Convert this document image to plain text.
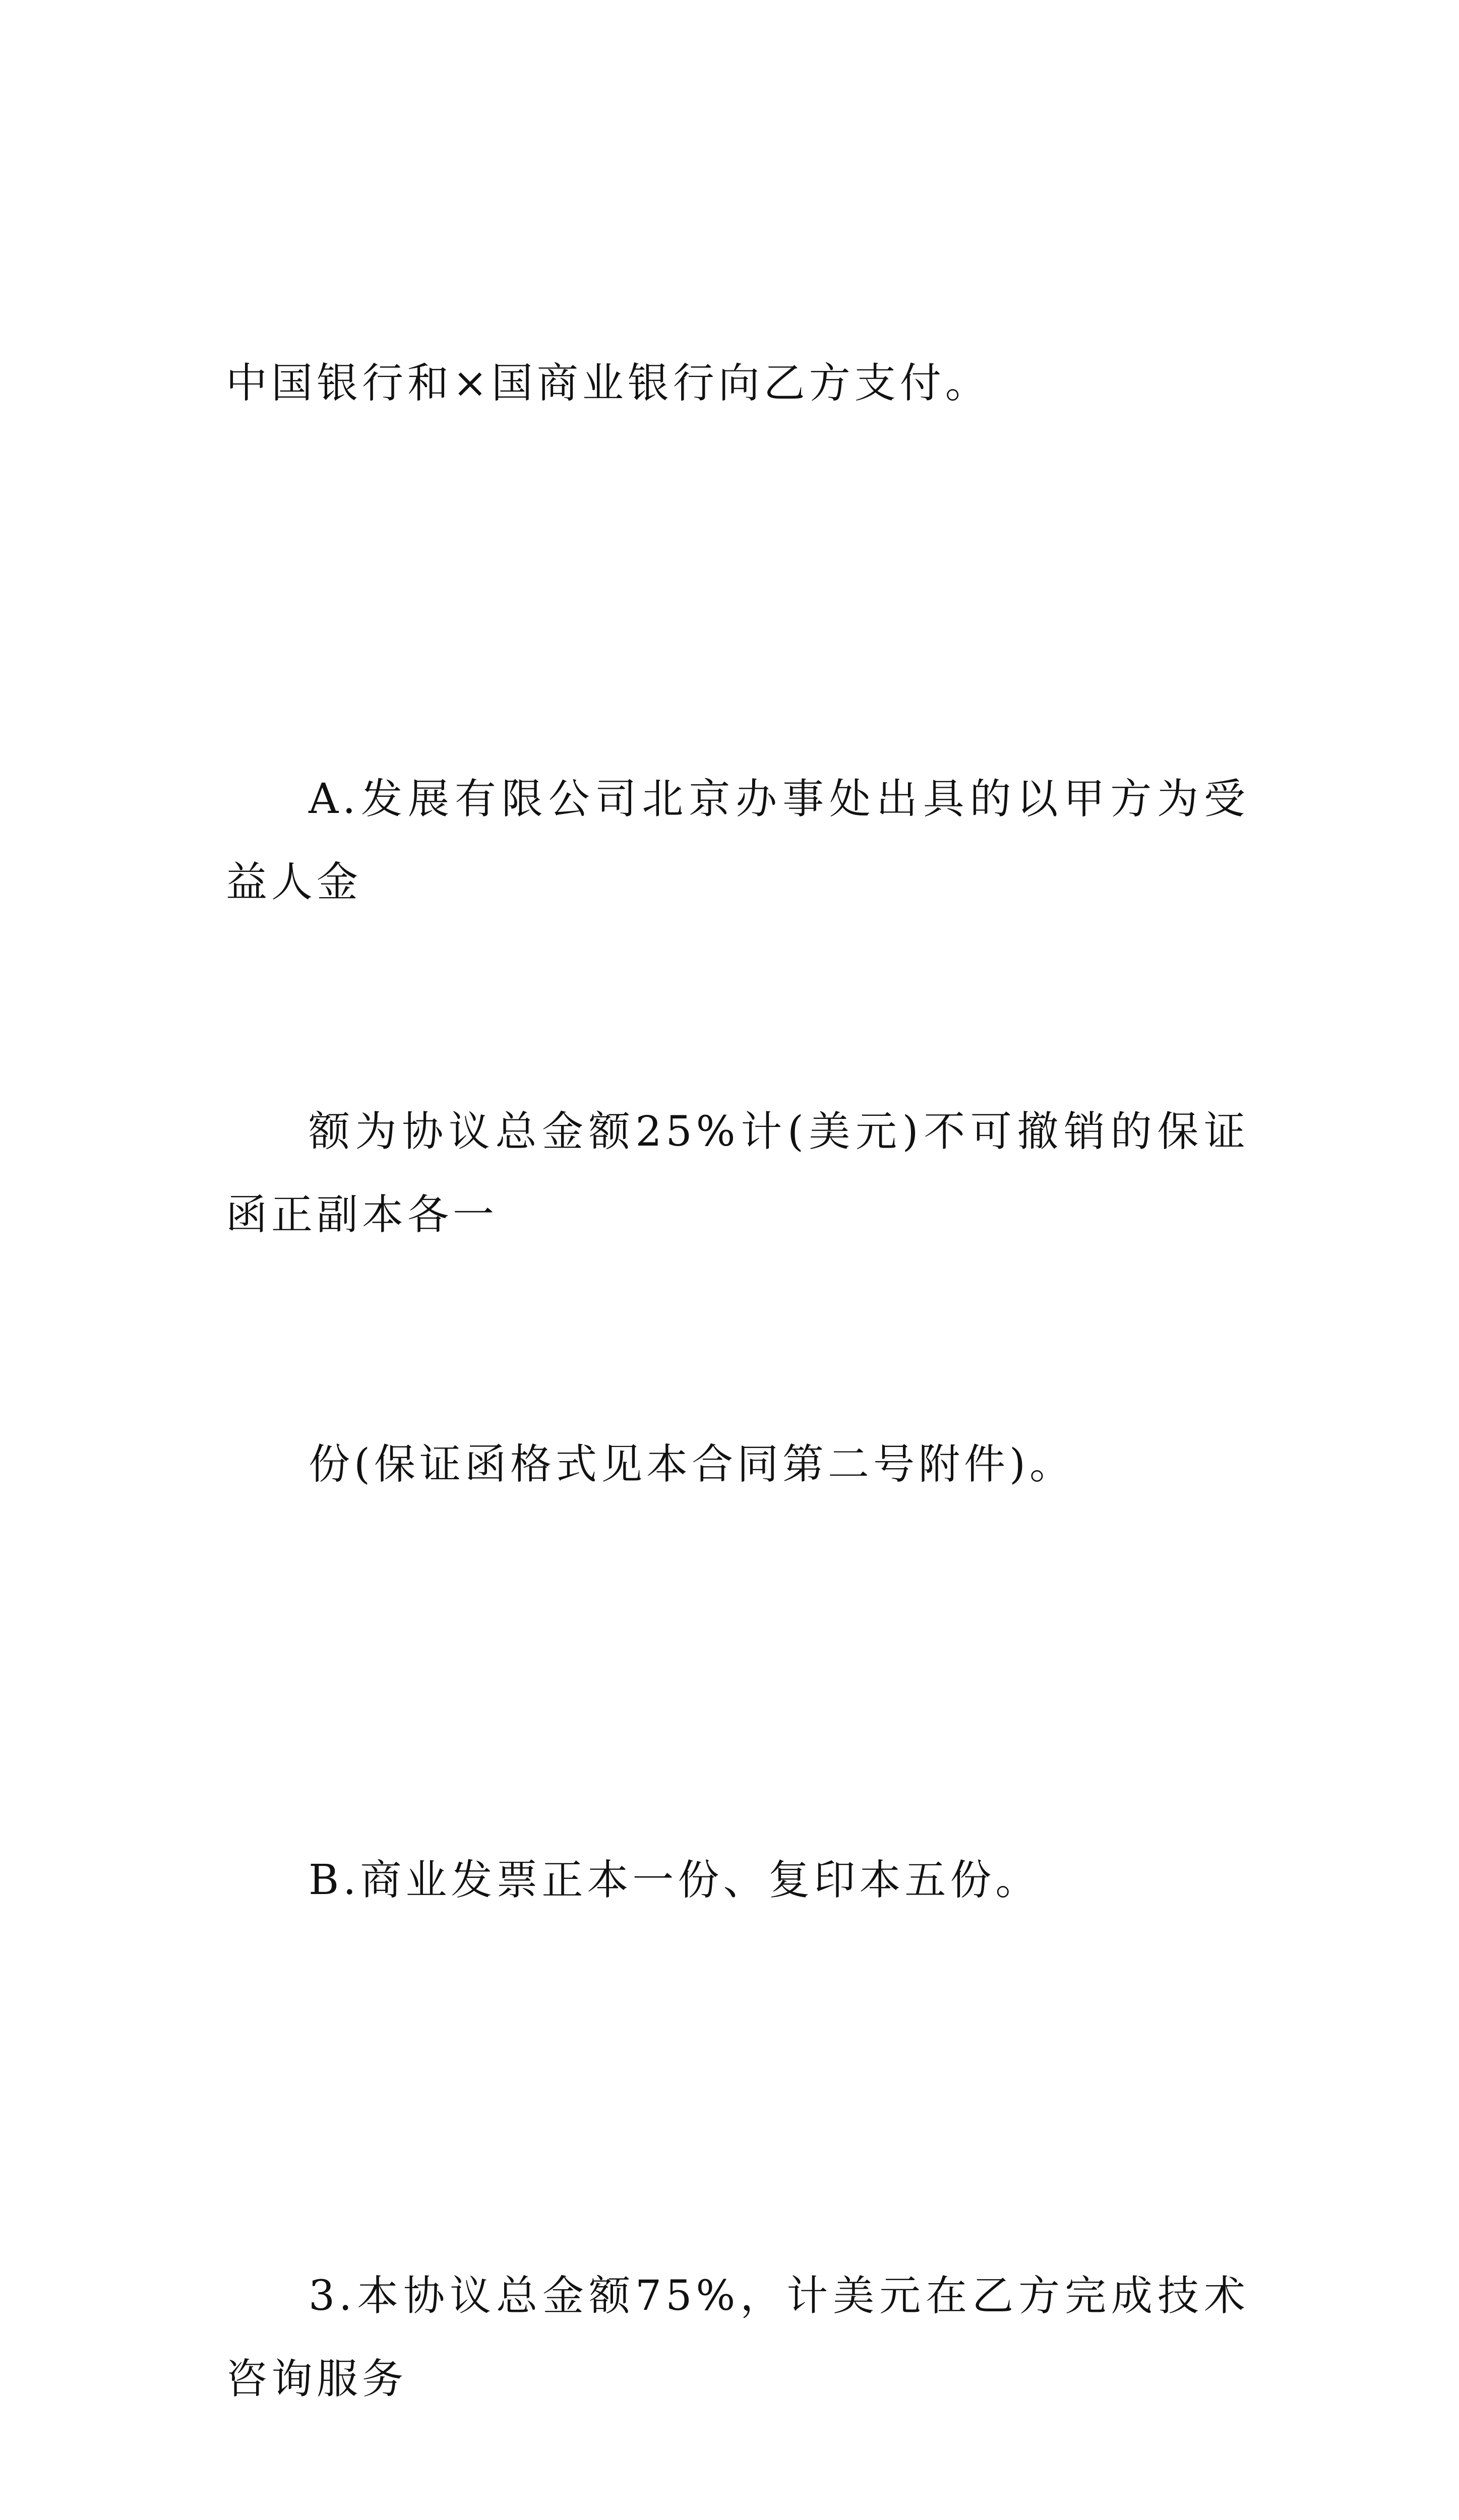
中国银行和×国商业银行向乙方支付。

A.发展有限公司北京办事处出具的以甲方为受益人金

额为协议总金额25%计(美元)不可撤销的保证函正副本各一

份(保证函格式见本合同第二号附件)。

B.商业发票正本一份、复印本五份。

3.本协议总金额75%，计美元在乙方完成技术咨询服务
